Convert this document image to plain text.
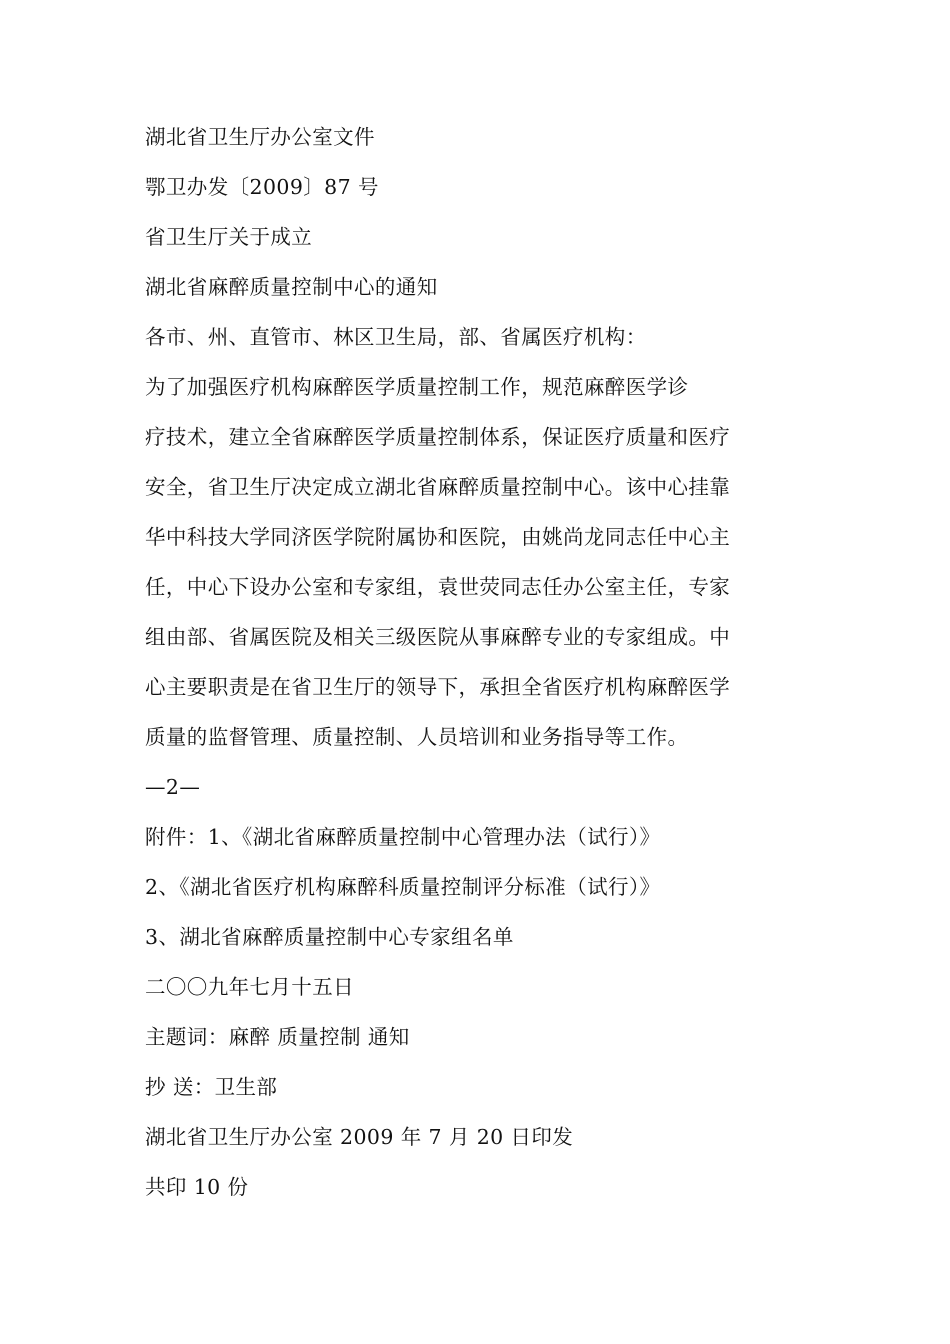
湖北省卫生厅办公室文件

鄂卫办发〔2009〕87 号

省卫生厅关于成立

湖北省麻醉质量控制中心的通知

各市、州、直管市、林区卫生局，部、省属医疗机构：

为了加强医疗机构麻醉医学质量控制工作，规范麻醉医学诊

疗技术，建立全省麻醉医学质量控制体系，保证医疗质量和医疗

安全，省卫生厅决定成立湖北省麻醉质量控制中心。该中心挂靠

华中科技大学同济医学院附属协和医院，由姚尚龙同志任中心主

任，中心下设办公室和专家组，袁世荧同志任办公室主任，专家

组由部、省属医院及相关三级医院从事麻醉专业的专家组成。中

心主要职责是在省卫生厅的领导下，承担全省医疗机构麻醉医学

质量的监督管理、质量控制、人员培训和业务指导等工作。

—2—

附件：1、《湖北省麻醉质量控制中心管理办法（试行）》

2、《湖北省医疗机构麻醉科质量控制评分标准（试行）》

3、湖北省麻醉质量控制中心专家组名单

二〇〇九年七月十五日

主题词：麻醉 质量控制 通知

抄 送：卫生部

湖北省卫生厅办公室 2009 年 7 月 20 日印发

共印 10 份
